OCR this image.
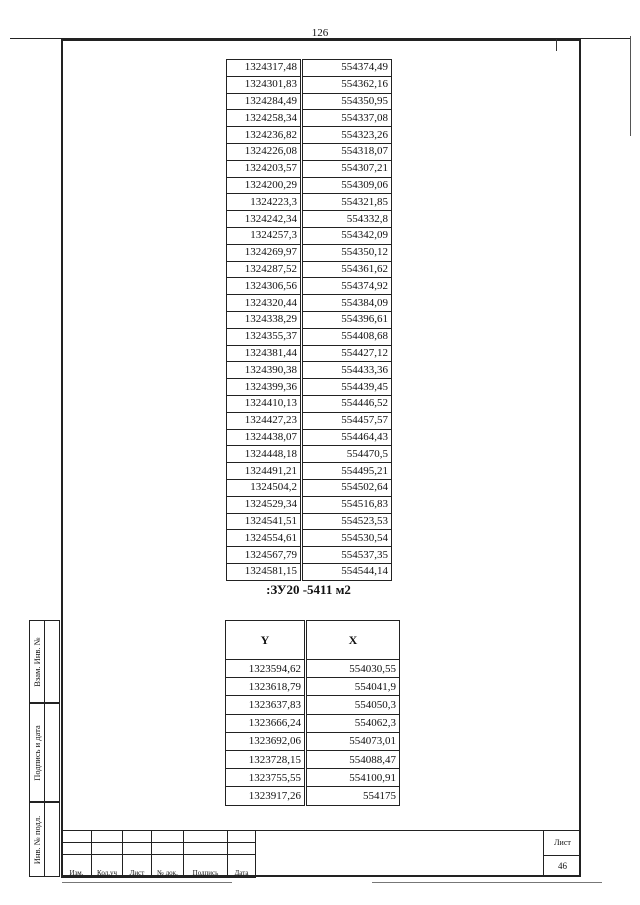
126
1324317,48	554374,49
1324301,83	554362,16
1324284,49	554350,95
1324258,34	554337,08
1324236,82	554323,26
1324226,08	554318,07
1324203,57	554307,21
1324200,29	554309,06
1324223,3	554321,85
1324242,34	554332,8
1324257,3	554342,09
1324269,97	554350,12
1324287,52	554361,62
1324306,56	554374,92
1324320,44	554384,09
1324338,29	554396,61
1324355,37	554408,68
1324381,44	554427,12
1324390,38	554433,36
1324399,36	554439,45
1324410,13	554446,52
1324427,23	554457,57
1324438,07	554464,43
1324448,18	554470,5
1324491,21	554495,21
1324504,2	554502,64
1324529,34	554516,83
1324541,51	554523,53
1324554,61	554530,54
1324567,79	554537,35
1324581,15	554544,14
:ЗУ20 -5411 м2
Y	X
1323594,62	554030,55
1323618,79	554041,9
1323637,83	554050,3
1323666,24	554062,3
1323692,06	554073,01
1323728,15	554088,47
1323755,55	554100,91
1323917,26	554175
Взам. Инв. №
Подпись и дата
Инв. № подл.

Изм.	Кол.уч	Лист	№ док.	Подпись	Дата	
Лист
46
